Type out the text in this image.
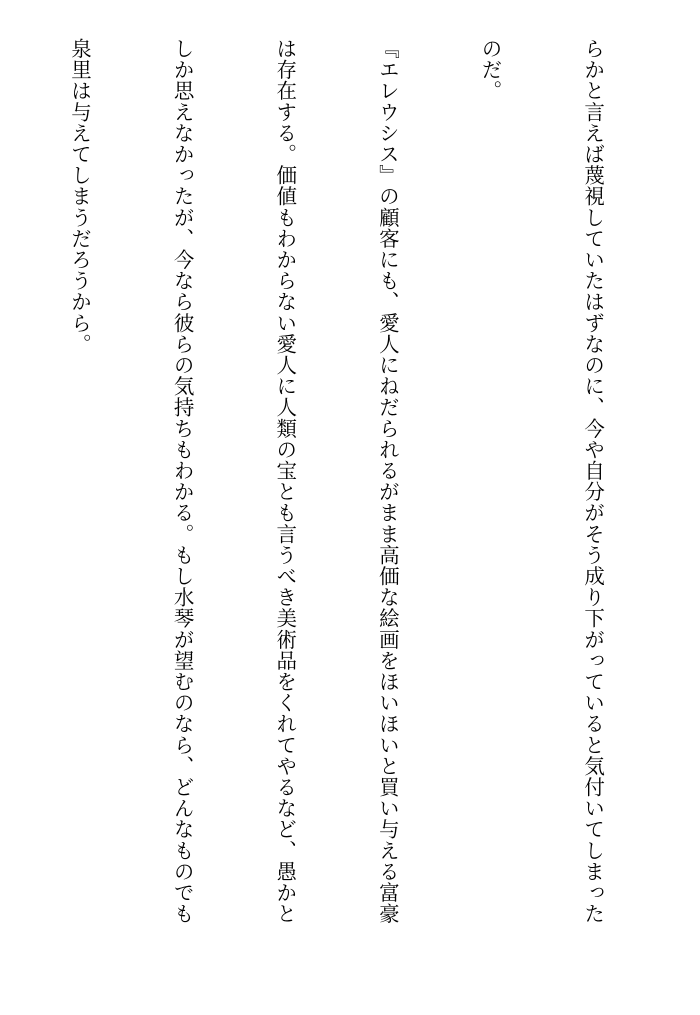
らかと言えば蔑視していたはずなのに、今や自分がそう成り下がっていると気付いてしまった

のだ。

『エレウシス』の顧客にも、愛人にねだられるがまま高価な絵画をほいほいと買い与える富豪

は存在する。価値もわからない愛人に人類の宝とも言うべき美術品をくれてやるなど、愚かと

しか思えなかったが、今なら彼らの気持ちもわかる。もし水琴が望むのなら、どんなものでも

泉里は与えてしまうだろうから。
